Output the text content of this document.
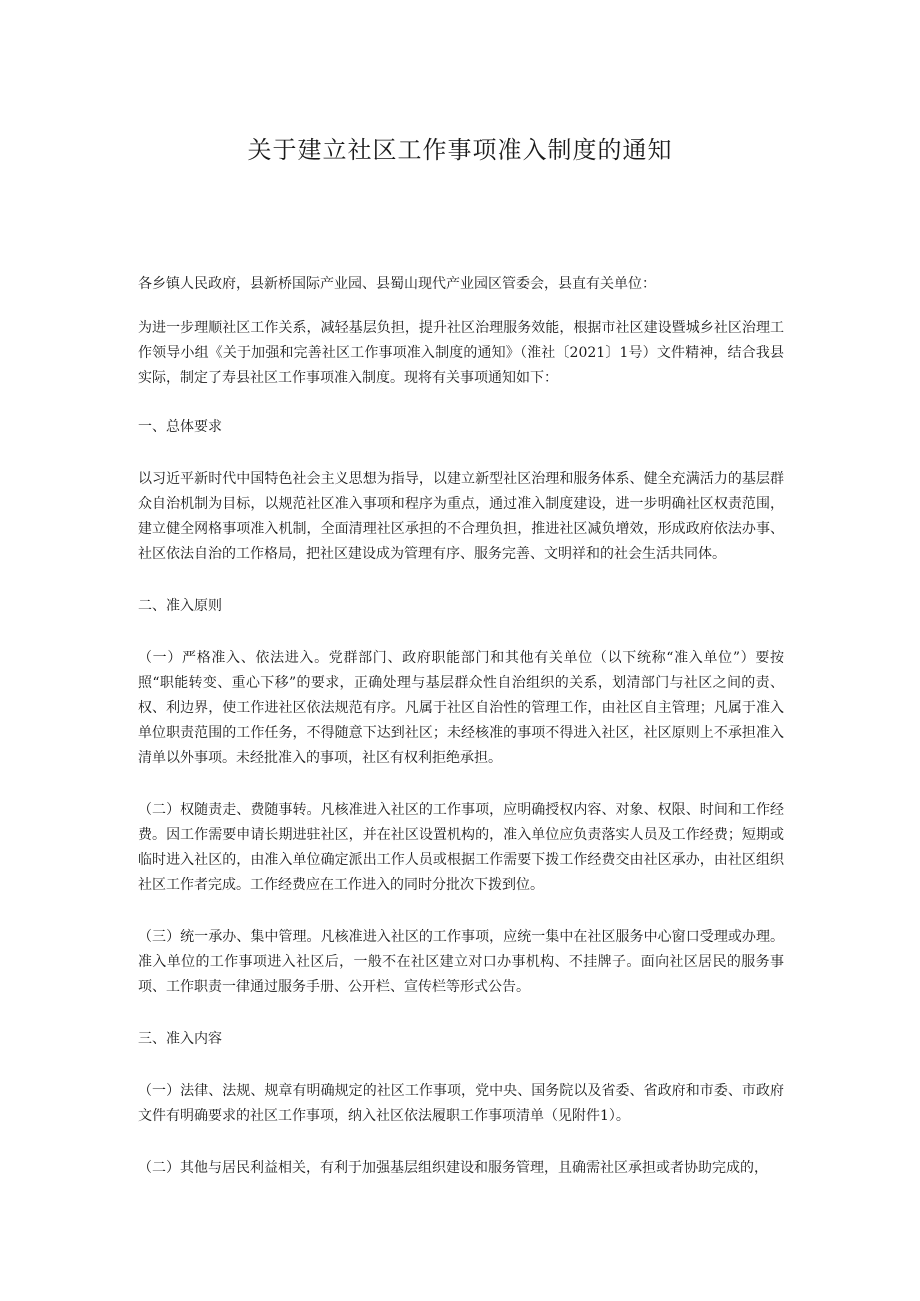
关于建立社区工作事项准入制度的通知

各乡镇人民政府，县新桥国际产业园、县蜀山现代产业园区管委会，县直有关单位：

为进一步理顺社区工作关系，减轻基层负担，提升社区治理服务效能，根据市社区建设暨城乡社区治理工作领导小组《关于加强和完善社区工作事项准入制度的通知》（淮社〔2021〕1号）文件精神，结合我县实际，制定了寿县社区工作事项准入制度。现将有关事项通知如下：

一、总体要求

以习近平新时代中国特色社会主义思想为指导，以建立新型社区治理和服务体系、健全充满活力的基层群众自治机制为目标，以规范社区准入事项和程序为重点，通过准入制度建设，进一步明确社区权责范围，建立健全网格事项准入机制，全面清理社区承担的不合理负担，推进社区减负增效，形成政府依法办事、社区依法自治的工作格局，把社区建设成为管理有序、服务完善、文明祥和的社会生活共同体。

二、准入原则

（一）严格准入、依法进入。党群部门、政府职能部门和其他有关单位（以下统称“准入单位”）要按照“职能转变、重心下移”的要求，正确处理与基层群众性自治组织的关系，划清部门与社区之间的责、权、利边界，使工作进社区依法规范有序。凡属于社区自治性的管理工作，由社区自主管理；凡属于准入单位职责范围的工作任务，不得随意下达到社区；未经核准的事项不得进入社区，社区原则上不承担准入清单以外事项。未经批准入的事项，社区有权利拒绝承担。

（二）权随责走、费随事转。凡核准进入社区的工作事项，应明确授权内容、对象、权限、时间和工作经费。因工作需要申请长期进驻社区，并在社区设置机构的，准入单位应负责落实人员及工作经费；短期或临时进入社区的，由准入单位确定派出工作人员或根据工作需要下拨工作经费交由社区承办，由社区组织社区工作者完成。工作经费应在工作进入的同时分批次下拨到位。

（三）统一承办、集中管理。凡核准进入社区的工作事项，应统一集中在社区服务中心窗口受理或办理。准入单位的工作事项进入社区后，一般不在社区建立对口办事机构、不挂牌子。面向社区居民的服务事项、工作职责一律通过服务手册、公开栏、宣传栏等形式公告。

三、准入内容

（一）法律、法规、规章有明确规定的社区工作事项，党中央、国务院以及省委、省政府和市委、市政府文件有明确要求的社区工作事项，纳入社区依法履职工作事项清单（见附件1）。

（二）其他与居民利益相关，有利于加强基层组织建设和服务管理，且确需社区承担或者协助完成的，
